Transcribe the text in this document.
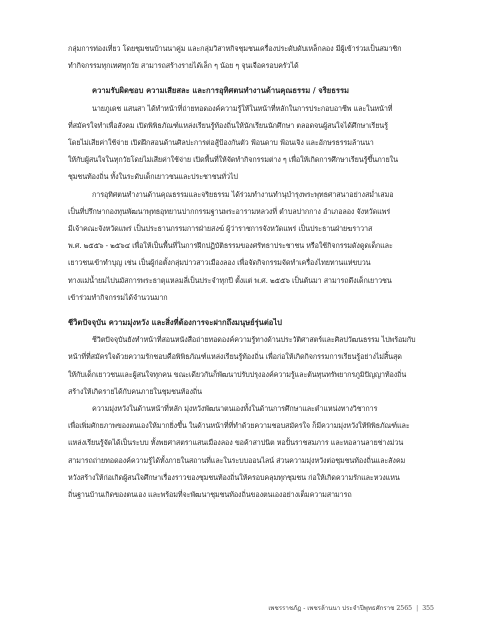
กลุ่มการท่องเที่ยว โดยชุมชนบ้านนาคู่ม และกลุ่มวิสาหกิจชุมชนเครื่องประดับดับเหล็กลอง มีผู้เข้าร่วมเป็นสมาชิก
ทำกิจกรรมทุกเทศทุกวัย สามารถสร้างรายได้เล็ก ๆ น้อย ๆ จุนเจือครอบครัวได้
ความรับผิดชอบ ความเสียสละ และการอุทิศตนทำงานด้านคุณธรรม / จริยธรรม
นายภูเดช แสนสา ได้ทำหน้าที่ถ่ายทอดองค์ความรู้ให้ในหน้าที่หลักในการประกอบอาชีพ และในหน้าที่
ที่สมัครใจทำเพื่อสังคม เปิดพิพิธภัณฑ์แหล่งเรียนรู้ท้องถิ่นให้นักเรียนนักศึกษา ตลอดจนผู้สนใจได้ศึกษาเรียนรู้
โดยไม่เสียค่าใช้จ่าย เปิดฝึกสอนด้านศิลปะการต่อสู้ป้องกันตัว ฟ้อนดาบ ฟ้อนเจิง และอักษรธรรมล้านนา
ให้กับผู้สนใจในทุกวัยโดยไม่เสียค่าใช้จ่าย เปิดพื้นที่ให้จัดทำกิจกรรมต่าง ๆ เพื่อให้เกิดการศึกษาเรียนรู้ขึ้นภายใน
ชุมชนท้องถิ่น ทั้งในระดับเด็กเยาวชนและประชาชนทั่วไป
การอุทิศตนทำงานด้านคุณธรรมและจริยธรรม ได้ร่วมทำงานทำนุบำรุงพระพุทธศาสนาอย่างสม่ำเสมอ
เป็นที่ปรึกษากองทุนพัฒนาพุทธอุทยานปากกรรมฐานพระอารามหลวงที่ ตำบลปากกาง อำเภอลอง จังหวัดแพร่
มีเจ้าคณะจังหวัดแพร่ เป็นประธานกรรมการฝ่ายสงฆ์ ผู้ว่าราชการจังหวัดแพร่ เป็นประธานฝ่ายฆราวาส
พ.ศ. ๒๕๕๖ - ๒๕๖๔ เพื่อให้เป็นพื้นที่ในการฝึกปฏิบัติธรรมของศรัทธาประชาชน หรือใช้กิจกรรมดังดูดเด็กและ
เยาวชนเข้าทำบุญ เช่น เป็นผู้ก่อตั้งกลุ่มบ่าวสาวเมืองลอง เพื่อจัดกิจกรรมจัดทำเครื่องไทยทานแห่ขบวน
ทางแม่น้ำยมไปนมัสการพระธาตุแหลมลี่เป็นประจำทุกปี ตั้งแต่ พ.ศ. ๒๕๕๖ เป็นต้นมา สามารถดึงเด็กเยาวชน
เข้าร่วมทำกิจกรรมได้จำนวนมาก
ชีวิตปัจจุบัน ความมุ่งหวัง และสิ่งที่ต้องการจะฝากถึงมนุษย์รุ่นต่อไป
ชีวิตปัจจุบันยังทำหน้าที่สอนหนังสือถ่ายทอดองค์ความรู้ทางด้านประวัติศาสตร์และศิลปวัฒนธรรม ไปพร้อมกับ
หน้าที่ที่สมัครใจด้วยความรักชอบคือพิพิธภัณฑ์แหล่งเรียนรู้ท้องถิ่น เพื่อก่อให้เกิดกิจกรรมการเรียนรู้อย่างไม่สิ้นสุด
ให้กับเด็กเยาวชนและผู้สนใจทุกคน ขณะเดียวกันก็พัฒนาปรับปรุงองค์ความรู้และต้นทุนทรัพยากรภูมิปัญญาท้องถิ่น
สร้างให้เกิดรายได้กับคนภายในชุมชนท้องถิ่น
ความมุ่งหวังในด้านหน้าที่หลัก มุ่งหวังพัฒนาตนเองทั้งในด้านการศึกษาและตำแหน่งทางวิชาการ
เพื่อเพิ่มศักยภาพของตนเองให้มากยิ่งขึ้น ในด้านหน้าที่ที่ทำด้วยความชอบสมัครใจ ก็มีความมุ่งหวังให้พิพิธภัณฑ์และ
แหล่งเรียนรู้จัดได้เป็นระบบ ทั้งพยศาสตราแสนเมืองลอง ขอค้าสาปนิต หอปั้นราชสมภาร และหอลานลายช่างม่วน
สามารถถ่ายทอดองค์ความรู้ได้ทั้งภายในสถานที่และในระบบออนไลน์ ส่วนความมุ่งหวังต่อชุมชนท้องถิ่นและสังคม
หวังสร้างให้ก่อเกิดผู้สนใจศึกษาเรื่องราวของชุมชนท้องถิ่นให้ครอบคลุมทุกชุมชน ก่อให้เกิดความรักและหวงแหน
ถิ่นฐานบ้านเกิดของตนเอง และพร้อมที่จะพัฒนาชุมชนท้องถิ่นของตนเองอย่างเต็มความสามารถ
เพชรราชภัฏ - เพชรล้านนา ประจำปีพุทธศักราช 2565 | 355
